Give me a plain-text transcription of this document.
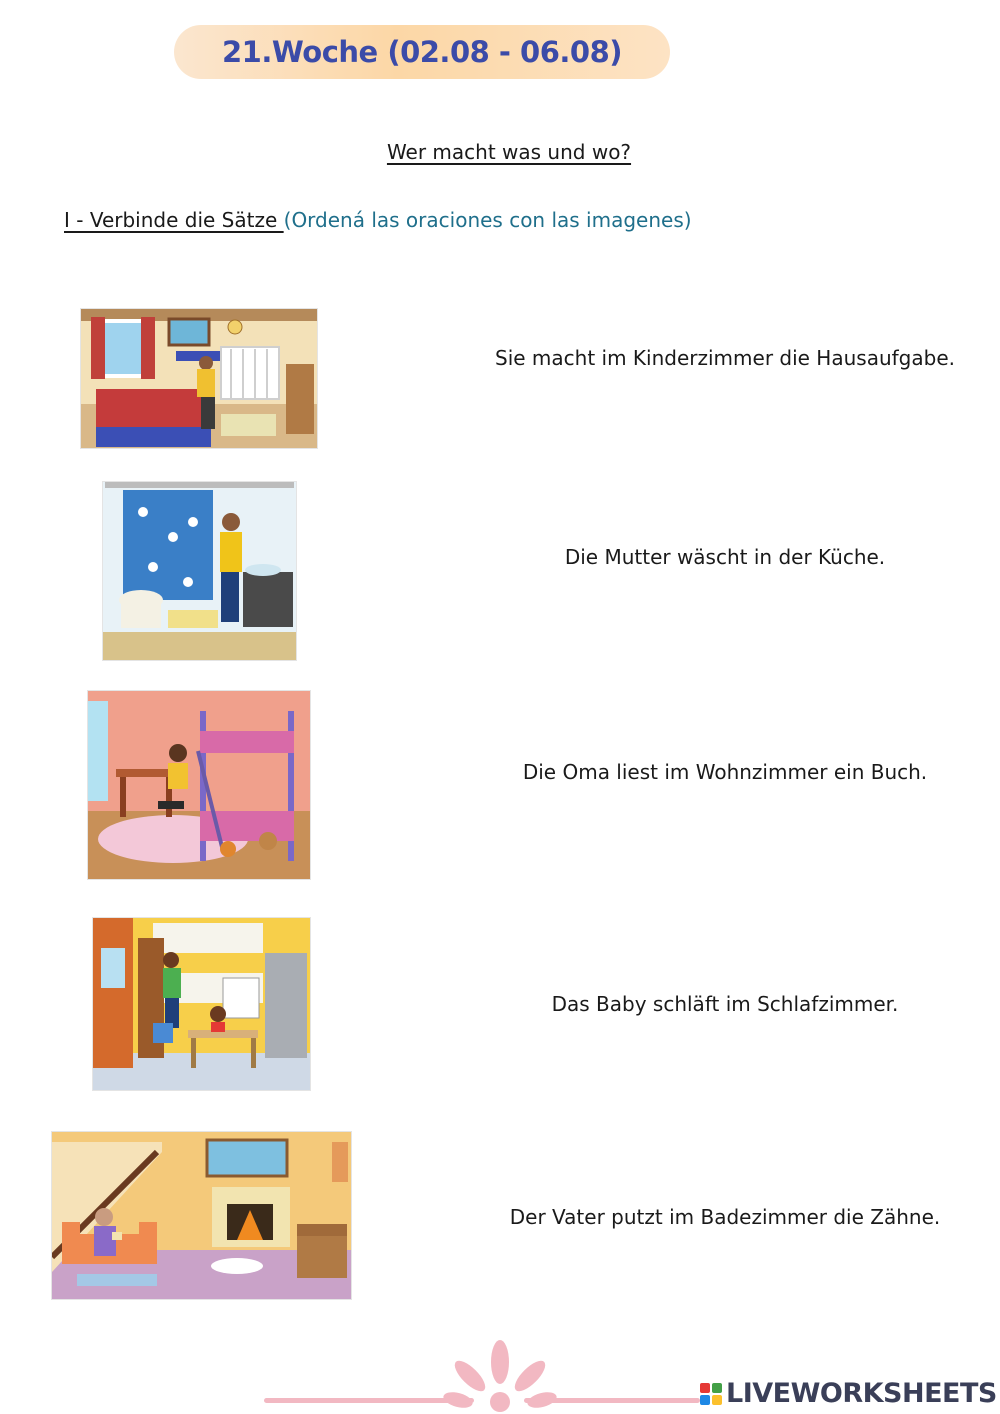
21.Woche (02.08 - 06.08)
Wer macht was und wo?
I - Verbinde die Sätze (Ordená las oraciones con las imagenes)
Sie macht im Kinderzimmer die Hausaufgabe.
Die Mutter wäscht in der Küche.
Die Oma liest im Wohnzimmer ein Buch.
Das Baby schläft im Schlafzimmer.
Der Vater putzt im Badezimmer die Zähne.
LIVEWORKSHEETS
